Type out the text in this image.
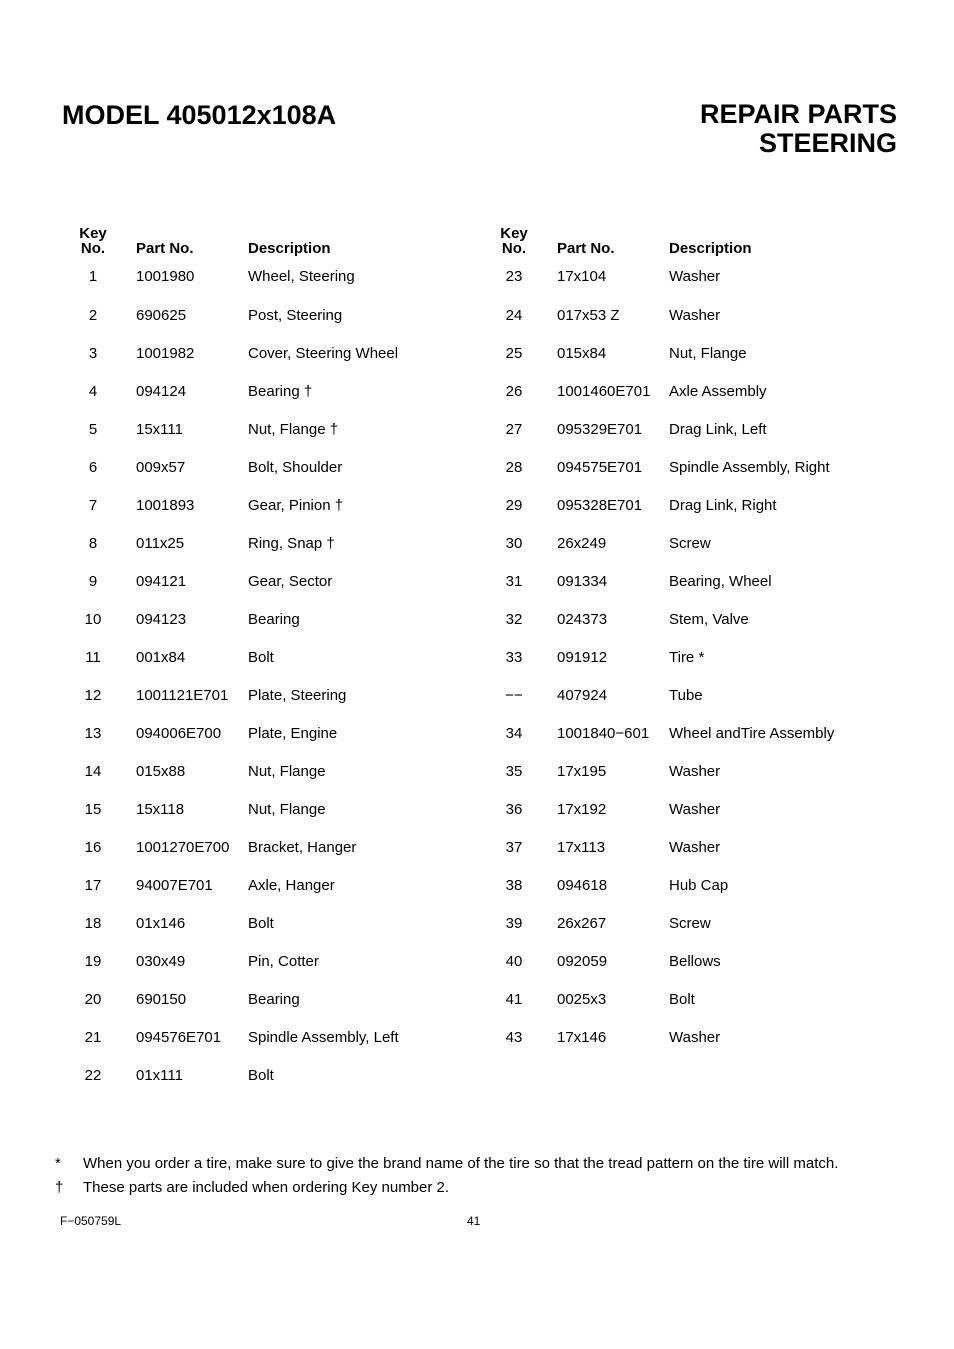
MODEL 405012x108A	REPAIR PARTS
STEERING
Key
No.	Part No.	Description
1	1001980	Wheel, Steering
2	690625	Post, Steering
3	1001982	Cover, Steering Wheel
4	094124	Bearing †
5	15x111	Nut, Flange †
6	009x57	Bolt, Shoulder
7	1001893	Gear, Pinion †
8	011x25	Ring, Snap †
9	094121	Gear, Sector
10	094123	Bearing
11	001x84	Bolt
12	1001121E701	Plate, Steering
13	094006E700	Plate, Engine
14	015x88	Nut, Flange
15	15x118	Nut, Flange
16	1001270E700	Bracket, Hanger
17	94007E701	Axle, Hanger
18	01x146	Bolt
19	030x49	Pin, Cotter
20	690150	Bearing
21	094576E701	Spindle Assembly, Left
22	01x111	Bolt
Key
No.	Part No.	Description
23	17x104	Washer
24	017x53 Z	Washer
25	015x84	Nut, Flange
26	1001460E701	Axle Assembly
27	095329E701	Drag Link, Left
28	094575E701	Spindle Assembly, Right
29	095328E701	Drag Link, Right
30	26x249	Screw
31	091334	Bearing, Wheel
32	024373	Stem, Valve
33	091912	Tire *
−−	407924	Tube
34	1001840−601	Wheel andTire Assembly
35	17x195	Washer
36	17x192	Washer
37	17x113	Washer
38	094618	Hub Cap
39	26x267	Screw
40	092059	Bellows
41	0025x3	Bolt
43	17x146	Washer
*	When you order a tire, make sure to give the brand name of the tire so that the tread pattern on the tire will match.
†	These parts are included when ordering Key number 2.
F−050759L	41
